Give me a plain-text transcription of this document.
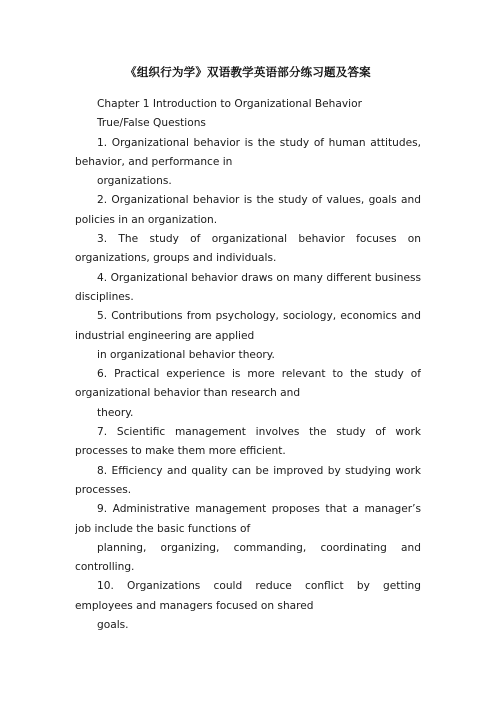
《组织行为学》双语教学英语部分练习题及答案
Chapter 1 Introduction to Organizational Behavior
True/False Questions
1. Organizational behavior is the study of human attitudes,
behavior, and performance in
organizations.
2. Organizational behavior is the study of values, goals and
policies in an organization.
3. The study of organizational behavior focuses on
organizations, groups and individuals.
4. Organizational behavior draws on many different business
disciplines.
5. Contributions from psychology, sociology, economics and
industrial engineering are applied
in organizational behavior theory.
6. Practical experience is more relevant to the study of
organizational behavior than research and
theory.
7. Scientific management involves the study of work
processes to make them more efficient.
8. Efficiency and quality can be improved by studying work
processes.
9. Administrative management proposes that a manager’s
job include the basic functions of
planning, organizing, commanding, coordinating and
controlling.
10. Organizations could reduce conflict by getting
employees and managers focused on shared
goals.
